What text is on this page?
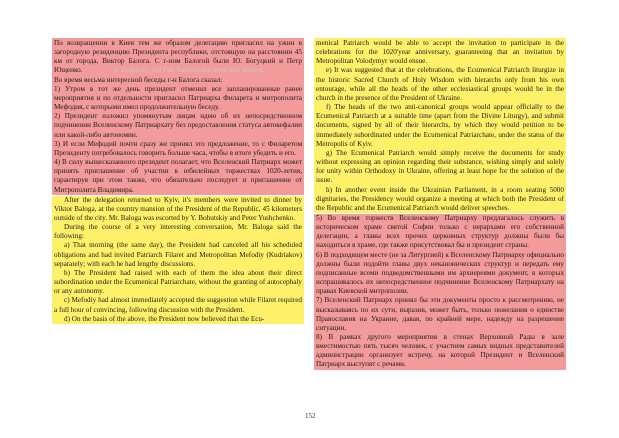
По возвращении в Киев тем же образом делегацию пригласил на ужин в загородную резиденцию Президента республики, отстоящую на расстоянии 45 км от города, Виктор Балога. С г-ном Балогой были Ю. Богуцкий и Петр Ющенко.	S. Bogutsky and Petr Yushchenko were also present.
Во время весьма интересной беседы г-н Балога сказал:
1) Утром в тот же день президент отменил все запланированные ранее мероприятия и по отдельности пригласил Патриарха Филарета и митрополита Мефодия, с которыми имел продолжительную беседу.
2) Президент изложил упомянутым лицам идею об их непосредственном подчинении Вселенскому Патриархату без предоставления статуса автокефалии или какой-либо автономии.
3) И если Мефодий почти сразу же принял это предложение, то с Филаретом Президенту потребовалось говорить больше часа, чтобы в итоге убедить и его.
4) В силу вышесказанного президент полагает, что Вселенский Патриарх может принять приглашение об участии в юбилейных торжествах 1020-летия, гарантируя при этом также, что обязательно последует и приглашение от Митрополита Владимира.
After the delegation returned to Kyiv, it's members were invited to dinner by Viktor Baloga, at the country mansion of the President of the Republic, 45 kilometers outside of the city. Mr. Baloga was escorted by Y. Bohutskiy and Peter Yushchenko.
During the course of a very interesting conversation, Mr. Baloga said the following:
a) That morning (the same day), the President had canceled all his scheduled obligations and had invited Patriarch Filaret and Metropolitan Mefodiy (Kudriakov) separately; with each he had lengthy discussions.
b) The President had raised with each of them the idea about their direct subordination under the Ecumenical Patriarchate, without the granting of autocephaly or any autonomy.
c) Mefodiy had almost immediately accepted the suggestion while Filaret required a full hour of convincing, following discussion with the President.
d) On the basis of the above, the President now believed that the Ecu-
menical Patriarch would be able to accept the invitation to participate in the celebrations for the 1020'year anniversary, guaranteeing that an invitation by Metropolitan Volodymyr would ensue.
e) It was suggested that at the celebrations, the Ecumenical Patriarch liturgize in the historic Sacred Church of Holy Wisdom with hierarchs only from his own entourage, while all the heads of the other ecclesiastical groups would be in the church in the presence of the President of Ukraine.
f) The heads of the two anti-canonical groups would appear officially to the Ecumenical Patriarch at a suitable time (apart from the Divine Liturgy), and submit documents, signed by all of their hierarchs, by which they would petition to be immediately subordinated under the Ecumenical Patriarchate, under the status of the Metropolis of Kyiv.
g) The Ecumenical Patriarch would simply receive the documents for study without expressing an opinion regarding their substance, wishing simply and solely for unity within Orthodoxy in Ukraine, offering at least hope for the solution of the issue.
h) In another event inside the Ukrainian Parliament, in a room seating 5000 dignitaries, the Presidency would organize a meeting at which both the President of the Republic and the Ecumenical Patriarch would deliver speeches.
5) Во время торжеств Вселенскому Патриарху предлагалось служить в историческом храме святой Софии только с иерархами его собственной делегации, а главы всех прочих церковных структур должны были бы находиться в храме, где также присутствовал бы и президент страны.
6) В подходящем месте (не за Литургией) к Вселенскому Патриарху официально должны были подойти главы двух неканонических структур и передать ему подписанные всеми подведомственными им архиереями документ, в которых испрашивалось их непосредственное подчинение Вселенскому Патриархату на правах Киевской митрополии.
7) Вселенский Патриарх принял бы эти документы просто к рассмотрению, не высказываясь по их сути, выразив, может быть, только пожелания о единстве Православия на Украине, давая, по крайней мере, надежду на разрешение ситуации.
8) В рамках другого мероприятия в стенах Верховной Рады в зале вместимостью пять тысяч человек, с участием самых видных представителей администрации организует встречу, на которой Президент и Вселенский Патриарх выступят с речами.
152
